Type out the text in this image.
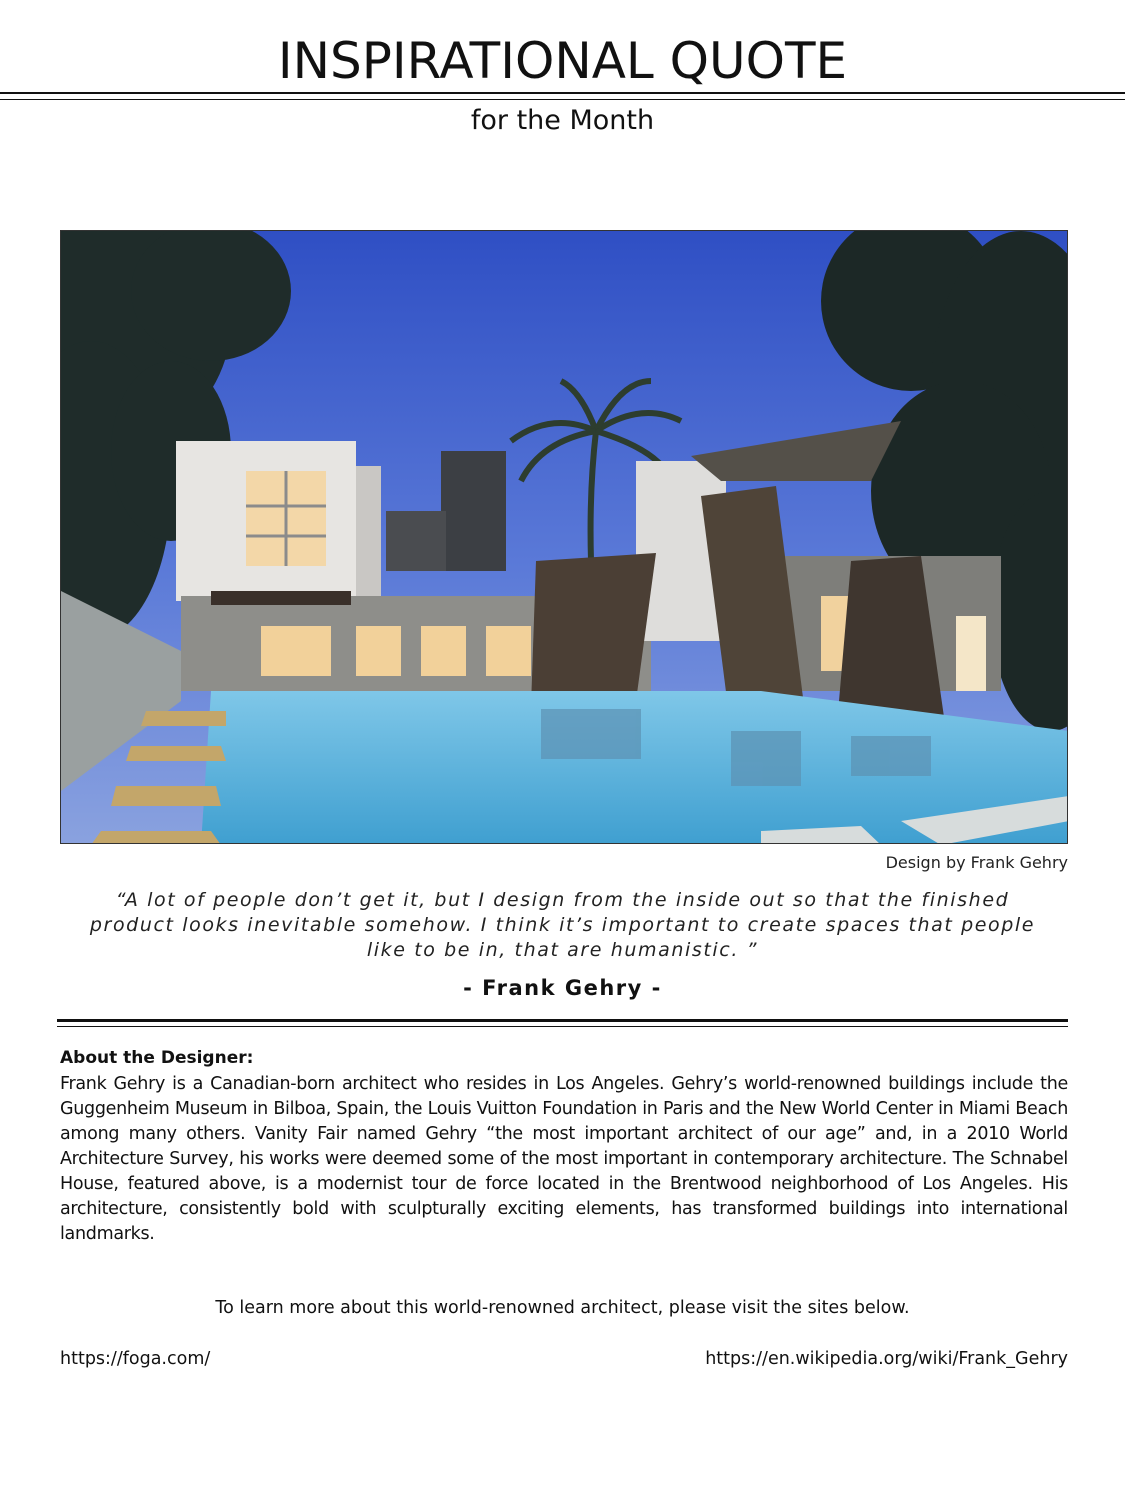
INSPIRATIONAL QUOTE
for the Month
Design by Frank Gehry
“A lot of people don’t get it, but I design from the inside out so that the finished product looks inevitable somehow. I think it’s important to create spaces that people like to be in, that are humanistic. ”
- Frank Gehry -
About the Designer:
Frank Gehry is a Canadian-born architect who resides in Los Angeles. Gehry’s world-renowned buildings include the Guggenheim Museum in Bilboa, Spain, the Louis Vuitton Foundation in Paris and the New World Center in Miami Beach among many others. Vanity Fair named Gehry “the most important architect of our age” and, in a 2010 World Architecture Survey, his works were deemed some of the most important in contemporary architecture. The Schnabel House, featured above, is a modernist tour de force located in the Brentwood neighborhood of Los Angeles. His architecture, consistently bold with sculpturally exciting elements, has transformed buildings into international landmarks.
To learn more about this world-renowned architect, please visit the sites below.
https://foga.com/	https://en.wikipedia.org/wiki/Frank_Gehry
